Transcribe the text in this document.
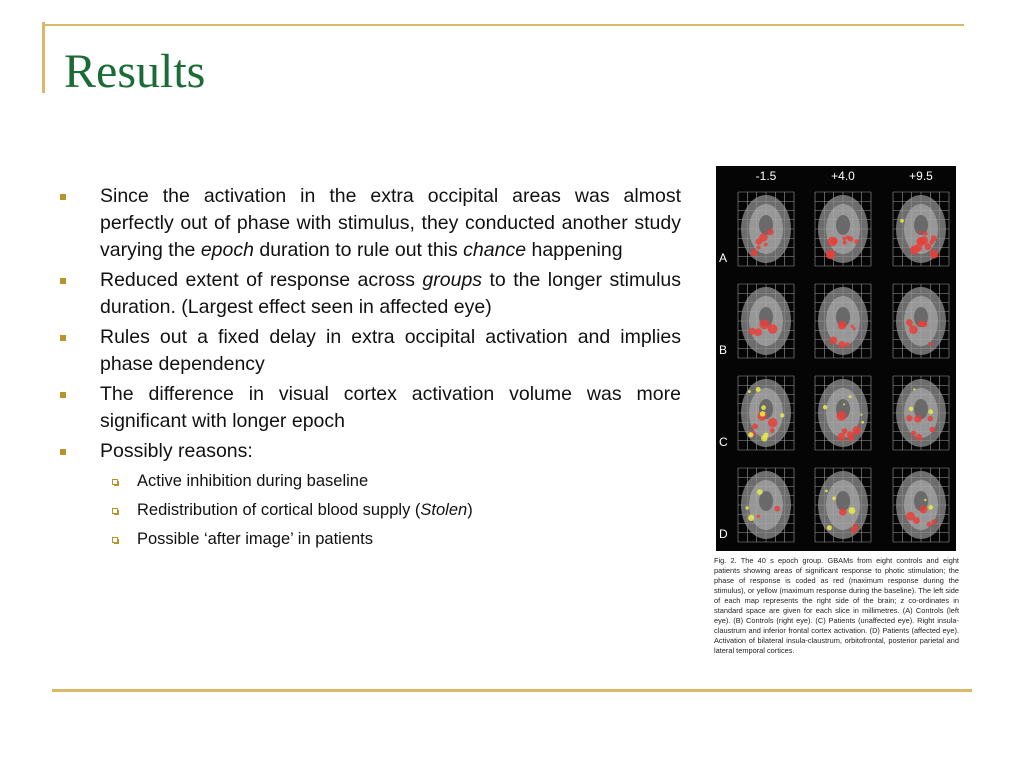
Results
Since the activation in the extra occipital areas was almost perfectly out of phase with stimulus, they conducted another study varying the epoch duration to rule out this chance happening
Reduced extent of response across groups to the longer stimulus duration. (Largest effect seen in affected eye)
Rules out a fixed delay in extra occipital activation and implies phase dependency
The difference in visual cortex activation volume was more significant with longer epoch
Possibly reasons:
Active inhibition during baseline
Redistribution of cortical blood supply (Stolen)
Possible ‘after image’ in patients
-1.5	+4.0	+9.5
A
B
C
D

Fig. 2. The 40 s epoch group. GBAMs from eight controls and eight patients showing areas of significant response to photic stimulation; the phase of response is coded as red (maximum response during the stimulus), or yellow (maximum response during the baseline). The left side of each map represents the right side of the brain; z co-ordinates in standard space are given for each slice in millimetres. (A) Controls (left eye). (B) Controls (right eye). (C) Patients (unaffected eye). Right insula-claustrum and inferior frontal cortex activation. (D) Patients (affected eye). Activation of bilateral insula-claustrum, orbitofrontal, posterior parietal and lateral temporal cortices.
